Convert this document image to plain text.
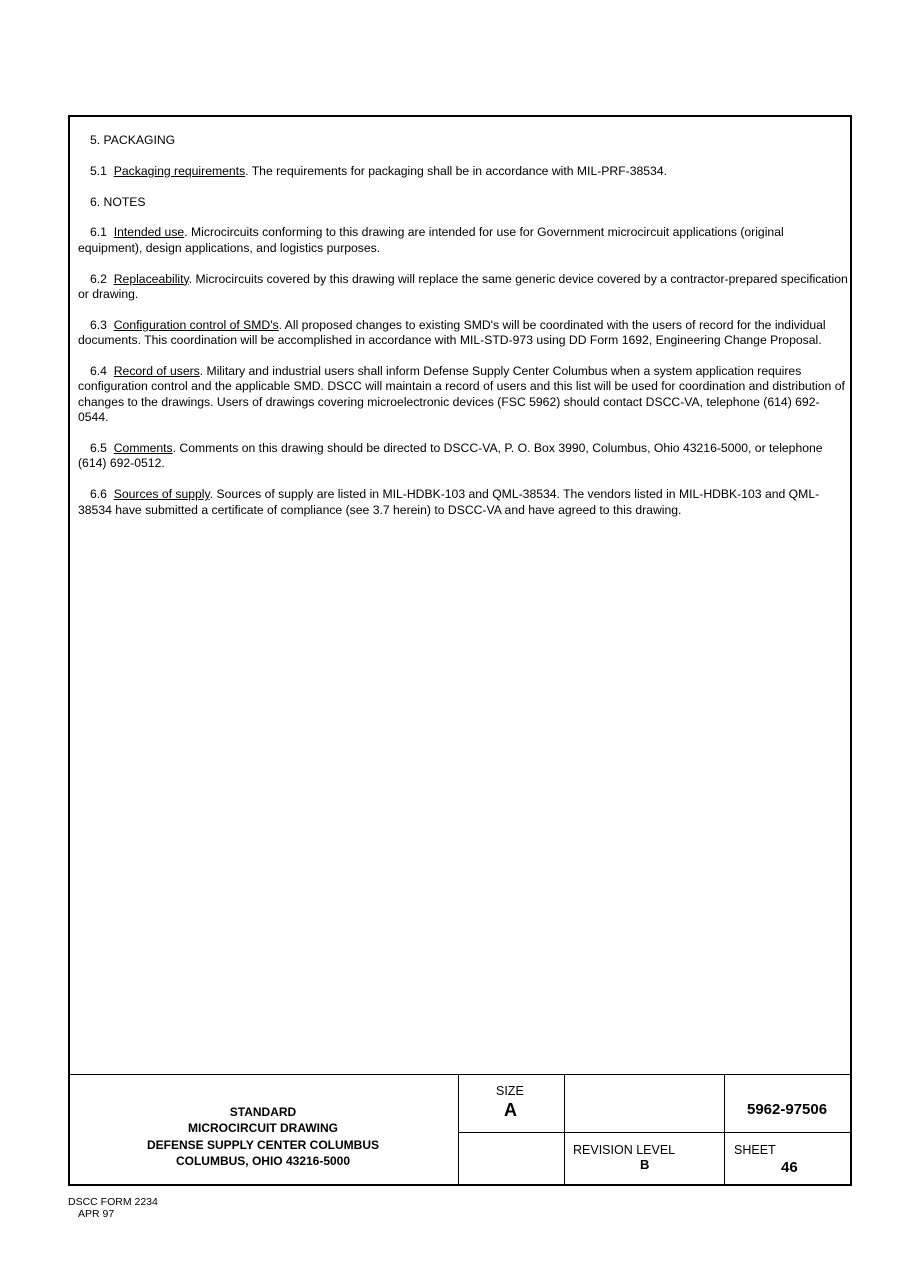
5. PACKAGING

5.1 Packaging requirements. The requirements for packaging shall be in accordance with MIL-PRF-38534.

6. NOTES

6.1 Intended use. Microcircuits conforming to this drawing are intended for use for Government microcircuit applications (original equipment), design applications, and logistics purposes.

6.2 Replaceability. Microcircuits covered by this drawing will replace the same generic device covered by a contractor-prepared specification or drawing.

6.3 Configuration control of SMD's. All proposed changes to existing SMD's will be coordinated with the users of record for the individual documents. This coordination will be accomplished in accordance with MIL-STD-973 using DD Form 1692, Engineering Change Proposal.

6.4 Record of users. Military and industrial users shall inform Defense Supply Center Columbus when a system application requires configuration control and the applicable SMD. DSCC will maintain a record of users and this list will be used for coordination and distribution of changes to the drawings. Users of drawings covering microelectronic devices (FSC 5962) should contact DSCC-VA, telephone (614) 692-0544.

6.5 Comments. Comments on this drawing should be directed to DSCC-VA, P. O. Box 3990, Columbus, Ohio 43216-5000, or telephone (614) 692-0512.

6.6 Sources of supply. Sources of supply are listed in MIL-HDBK-103 and QML-38534. The vendors listed in MIL-HDBK-103 and QML-38534 have submitted a certificate of compliance (see 3.7 herein) to DSCC-VA and have agreed to this drawing.

STANDARD
MICROCIRCUIT DRAWING
DEFENSE SUPPLY CENTER COLUMBUS
COLUMBUS, OHIO 43216-5000
SIZE
A	5962-97506
REVISION LEVEL
B
SHEET
46
DSCC FORM 2234
APR 97
